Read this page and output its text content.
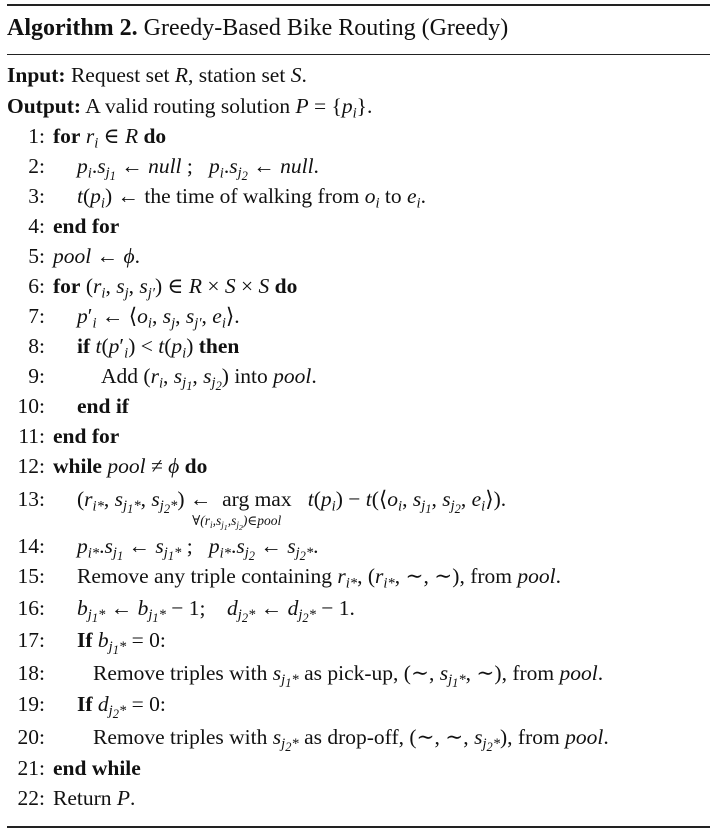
Algorithm 2. Greedy-Based Bike Routing (Greedy)
Input: Request set R, station set S.
Output: A valid routing solution $P = \{p_i\}$.
1: for $r_i$ ∈ R do
2: $p_i.s_{j_1}$ ← null ;   $p_i.s_{j_2}$ ← null.
3: $t(p_i)$ ← the time of walking from $o_i$ to $e_i$.
4: end for
5: pool ← ϕ.
6: for ($r_i$, $s_j$, $s_{j'}$) ∈ R × S × S do
7: $p'_i$ ← $⟨o_i$, $s_j$, $s_{j'}$, $e_i⟩$.
8: if $t(p'_i) < t(p_i)$ then
9:	Add ($r_i$, $s_{j_1}$, $s_{j_2}$) into pool.
10: end if
11: end for
12: while pool ≠ ϕ do
13: ($r_{i*}$, $s_{j_1*}$, $s_{j_2*}$) ←  arg max
$\forall(r_i,s_{j_1},s_{j_2})\in pool$
$t(p_i)$ − $t(⟨o_i$, $s_{j_1}$, $s_{j_2}$, $e_i⟩$).
14: $p_{i*}.s_{j_1}$ ← $s_{j_1*}$ ;   $p_{i*}.s_{j_2}$ ← $s_{j_2*}$.
15: Remove any triple containing $r_{i*}$, ($r_{i*}$, ∼, ∼), from pool.
16: $b_{j_1*}$ ← $b_{j_1*} - 1$;    $d_{j_2*}$ ← $d_{j_2*} - 1$.
17: If $b_{j_1*} = 0$:
18: Remove triples with $s_{j_1*}$ as pick-up, (∼, $s_{j_1*}$, ∼), from pool.
19: If $d_{j_2*} = 0$:
20: Remove triples with $s_{j_2*}$ as drop-off, (∼, ∼, $s_{j_2*}$), from pool.
21: end while
22: Return P.
